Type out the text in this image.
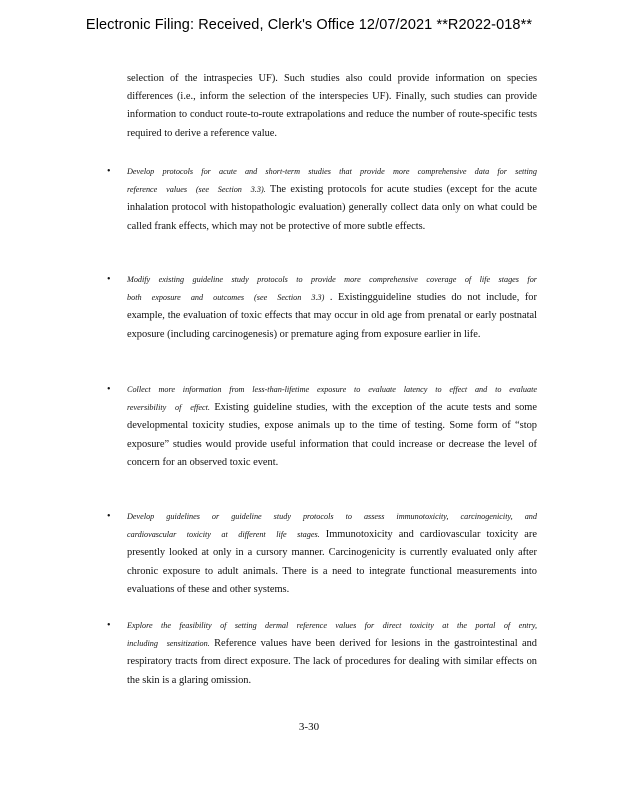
Electronic Filing: Received, Clerk's Office 12/07/2021 **R2022-018**

selection of the intraspecies UF). Such studies also could provide information on species differences (i.e., inform the selection of the interspecies UF). Finally, such studies can provide information to conduct route-to-route extrapolations and reduce the number of route-specific tests required to derive a reference value.

• Develop protocols for acute and short-term studies that provide more comprehensive data for setting reference values (see Section 3.3). The existing protocols for acute studies (except for the acute inhalation protocol with histopathologic evaluation) generally collect data only on what could be called frank effects, which may not be protective of more subtle effects.

• Modify existing guideline study protocols to provide more comprehensive coverage of life stages for both exposure and outcomes (see Section 3.3) . Existingguideline studies do not include, for example, the evaluation of toxic effects that may occur in old age from prenatal or early postnatal exposure (including carcinogenesis) or premature aging from exposure earlier in life.

• Collect more information from less-than-lifetime exposure to evaluate latency to effect and to evaluate reversibility of effect. Existing guideline studies, with the exception of the acute tests and some developmental toxicity studies, expose animals up to the time of testing. Some form of “stop exposure” studies would provide useful information that could increase or decrease the level of concern for an observed toxic event.

• Develop guidelines or guideline study protocols to assess immunotoxicity, carcinogenicity, and cardiovascular toxicity at different life stages. Immunotoxicity and cardiovascular toxicity are presently looked at only in a cursory manner. Carcinogenicity is currently evaluated only after chronic exposure to adult animals. There is a need to integrate functional measurements into evaluations of these and other systems.

• Explore the feasibility of setting dermal reference values for direct toxicity at the portal of entry, including sensitization. Reference values have been derived for lesions in the gastrointestinal and respiratory tracts from direct exposure. The lack of procedures for dealing with similar effects on the skin is a glaring omission.

3-30
